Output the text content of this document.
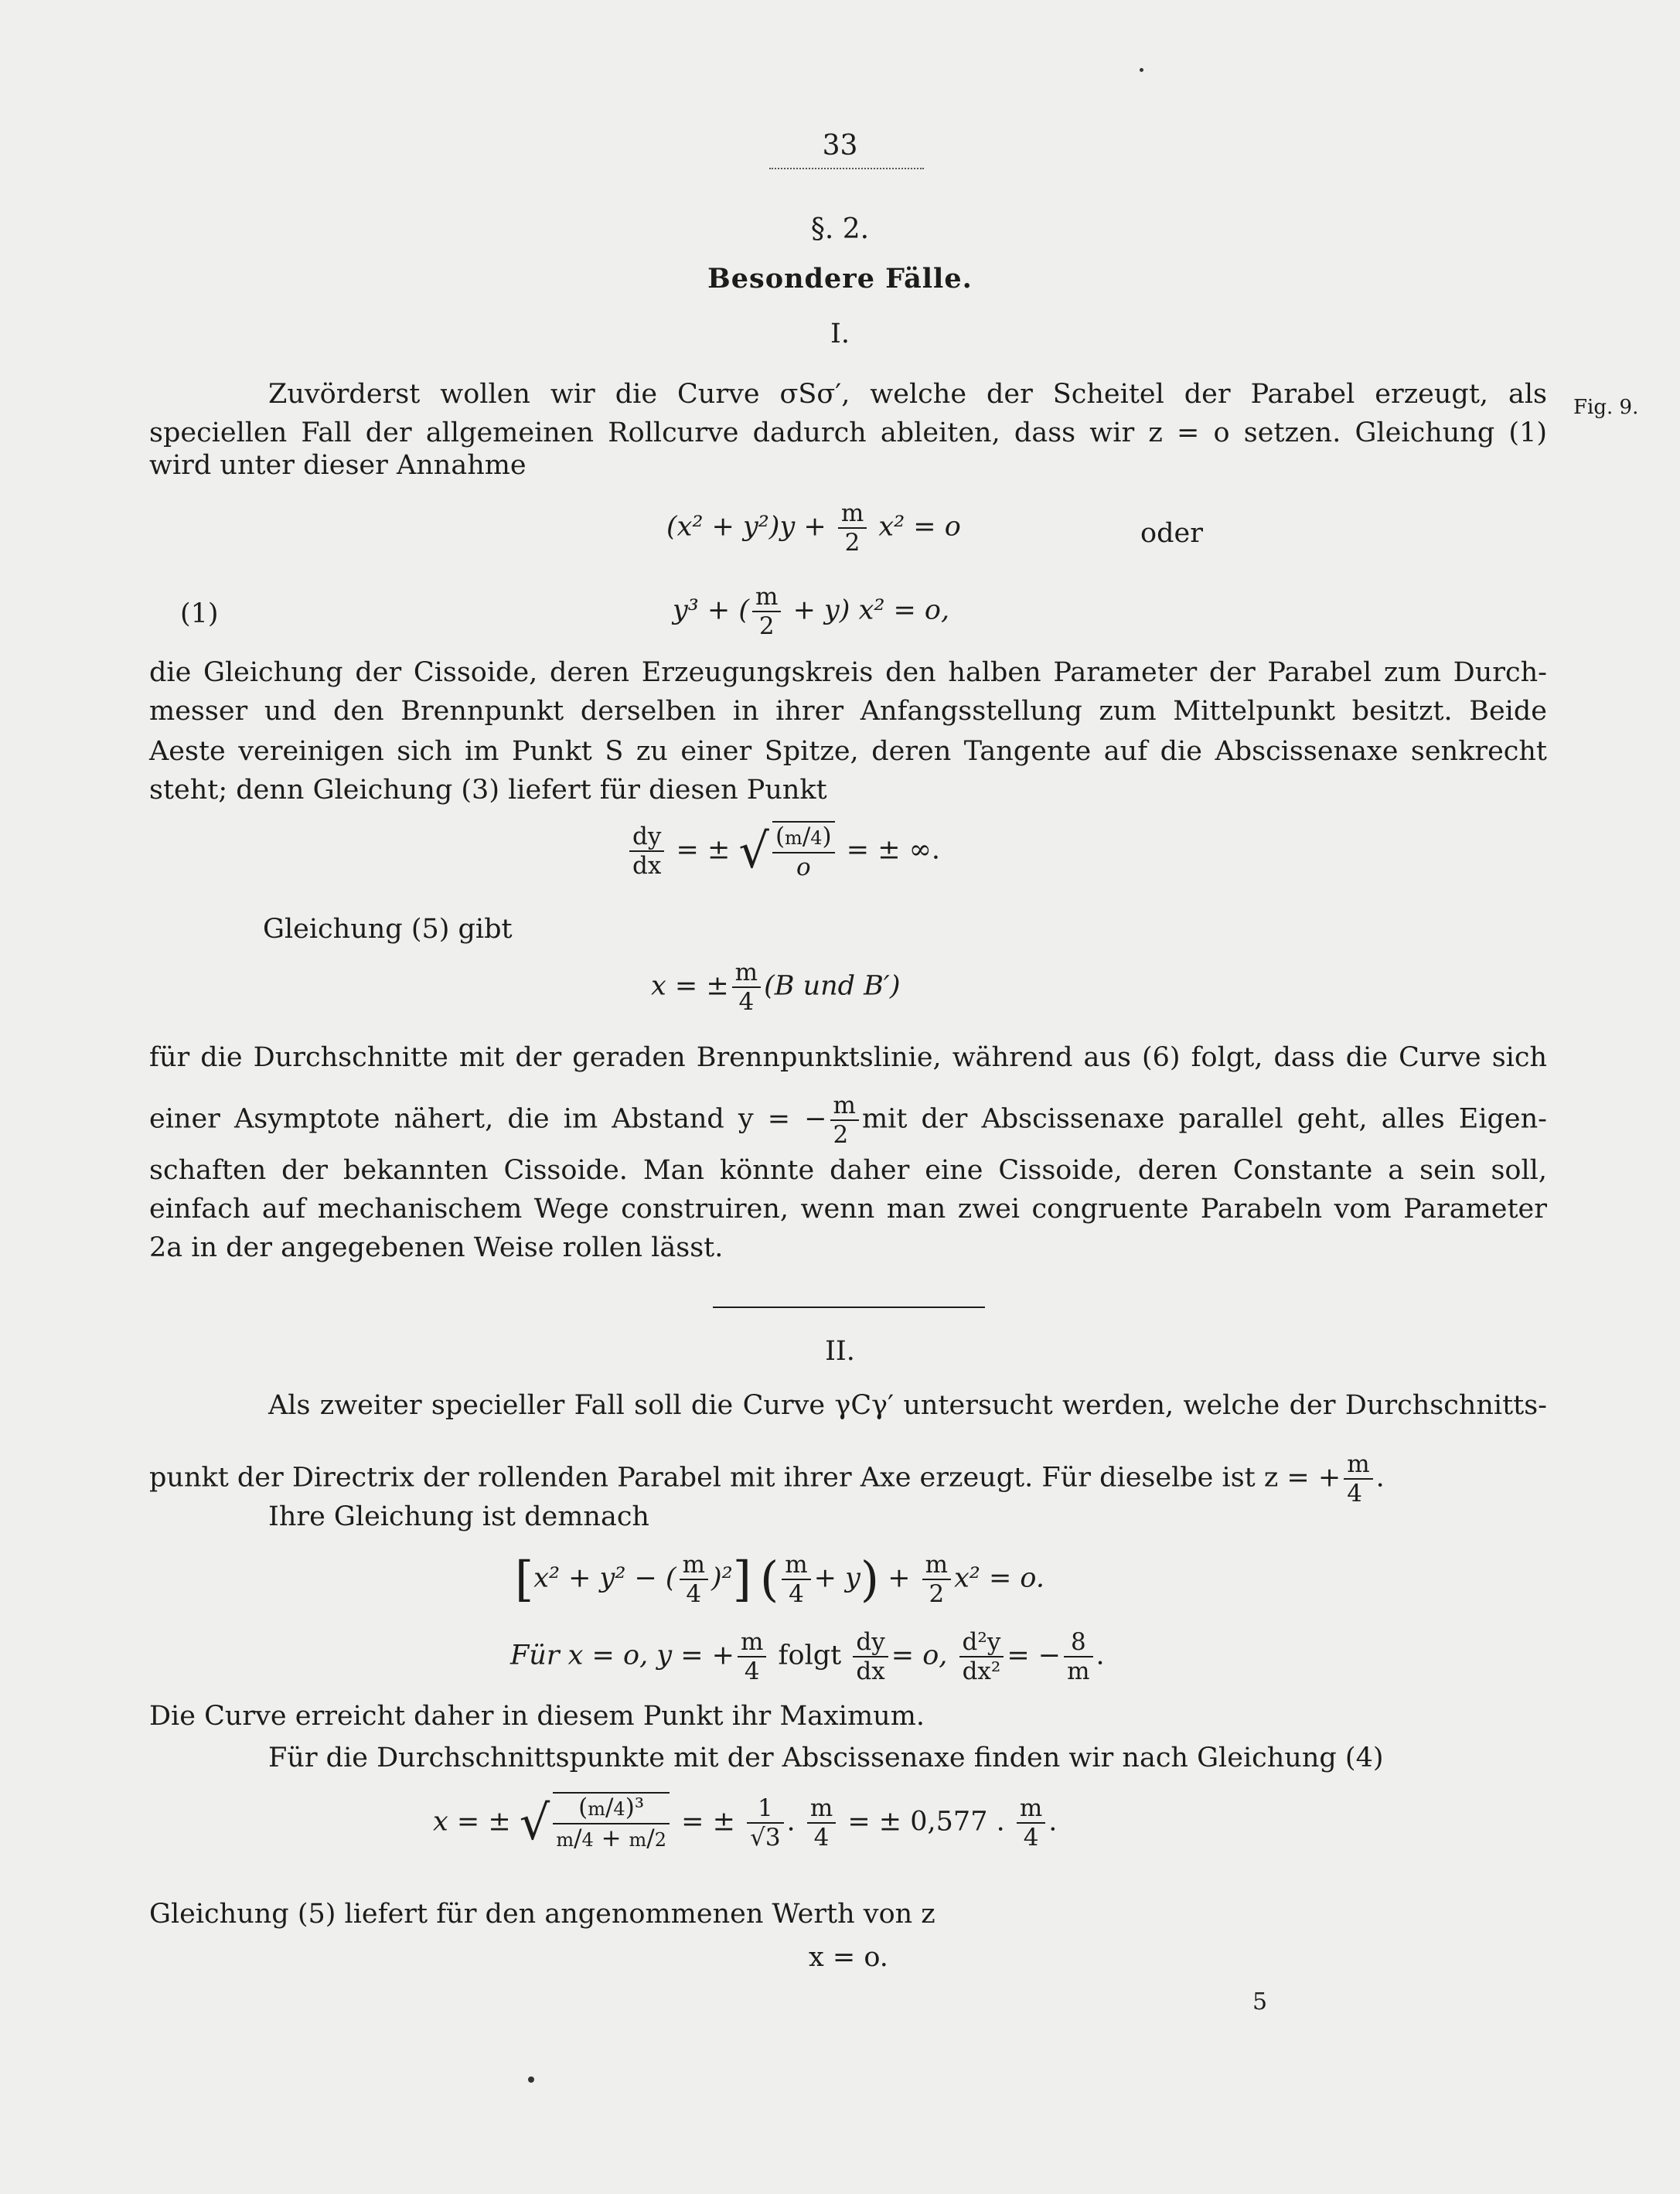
33
§. 2.
Besondere Fälle.
I.
Fig. 9.
Zuvörderst wollen wir die Curve σSσ′, welche der Scheitel der Parabel erzeugt, als
speciellen Fall der allgemeinen Rollcurve dadurch ableiten, dass wir z = o setzen. Gleichung (1)
wird unter dieser Annahme
$(x^2 + y^2)y + \frac{m}{2} x^2 = o$	oder
(1)	y³ + ( $\frac{m}{2} + y$) x² = o,
die Gleichung der Cissoide, deren Erzeugungskreis den halben Parameter der Parabel zum Durch-
messer und den Brennpunkt derselben in ihrer Anfangsstellung zum Mittelpunkt besitzt. Beide
Aeste vereinigen sich im Punkt S zu einer Spitze, deren Tangente auf die Abscissenaxe senkrecht
steht; denn Gleichung (3) liefert für diesen Punkt
$\frac{dy}{dx}$ = ± √ $\frac{(m/4)}{o}$ = ± ∞.
Gleichung (5) gibt
x = ± $\frac{m}{4} (B$ und B′)
für die Durchschnitte mit der geraden Brennpunktslinie, während aus (6) folgt, dass die Curve sich
einer Asymptote nähert, die im Abstand y = − $\frac{m}{2}$ mit der Abscissenaxe parallel geht, alles Eigen-
schaften der bekannten Cissoide. Man könnte daher eine Cissoide, deren Constante a sein soll,
einfach auf mechanischem Wege construiren, wenn man zwei congruente Parabeln vom Parameter
2a in der angegebenen Weise rollen lässt.
II.
Als zweiter specieller Fall soll die Curve γCγ′ untersucht werden, welche der Durchschnitts-
punkt der Directrix der rollenden Parabel mit ihrer Axe erzeugt. Für dieselbe ist z = + $\frac{m}{4}$ .
Ihre Gleichung ist demnach
[x² + y² − ( $\frac{m}{4} )^2$] ( $\frac{m}{4} + y) + \frac{m}{2} x^2 = o$.
Für x = o, y = + $\frac{m}{4}$ folgt $\frac{dy}{dx} = o$, $\frac{\text{d²y}}{\text{dx²}}$ = − $\frac{8}{m}$ .
Die Curve erreicht daher in diesem Punkt ihr Maximum.
Für die Durchschnittspunkte mit der Abscissenaxe finden wir nach Gleichung (4)
x = ± √ $\frac{\text{(m/4)³}}{m/4 + m/2}$ = ± $\frac{1}{√3}$ . $\frac{m}{4}$ = ± 0,577 . $\frac{m}{4}$ .
Gleichung (5) liefert für den angenommenen Werth von z
x = o.
5
